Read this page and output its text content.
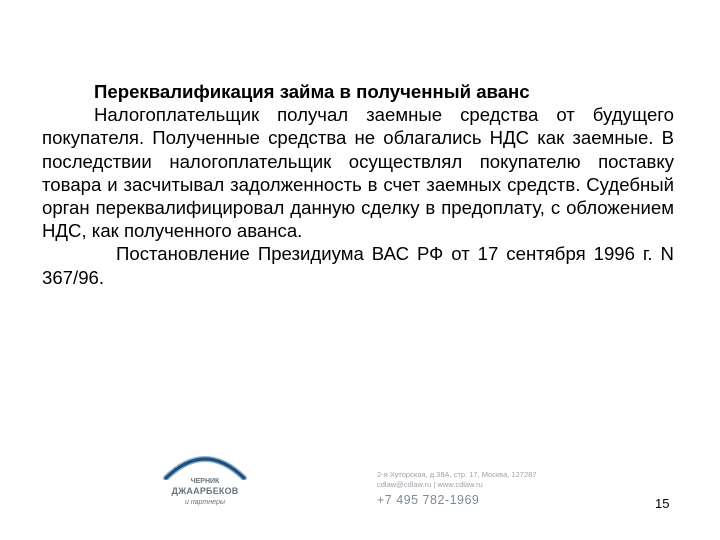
Переквалификация займа в полученный аванс

Налогоплательщик получал заемные средства от будущего покупателя. Полученные средства не облагались НДС как заемные. В последствии налогоплательщик осуществлял покупателю поставку товара и засчитывал задолженность в счет заемных средств. Судебный орган переквалифицировал данную сделку в предоплату, с обложением НДС, как полученного аванса.

Постановление Президиума ВАС РФ от 17 сентября 1996 г. N 367/96.

ЧЕРНИК
ДЖААРБЕКОВ
и партнеры
2-я Хуторская, д.38А, стр. 17, Москва, 127287
cdlaw@cdlaw.ru | www.cdlaw.ru
+7 495 782-1969	15
